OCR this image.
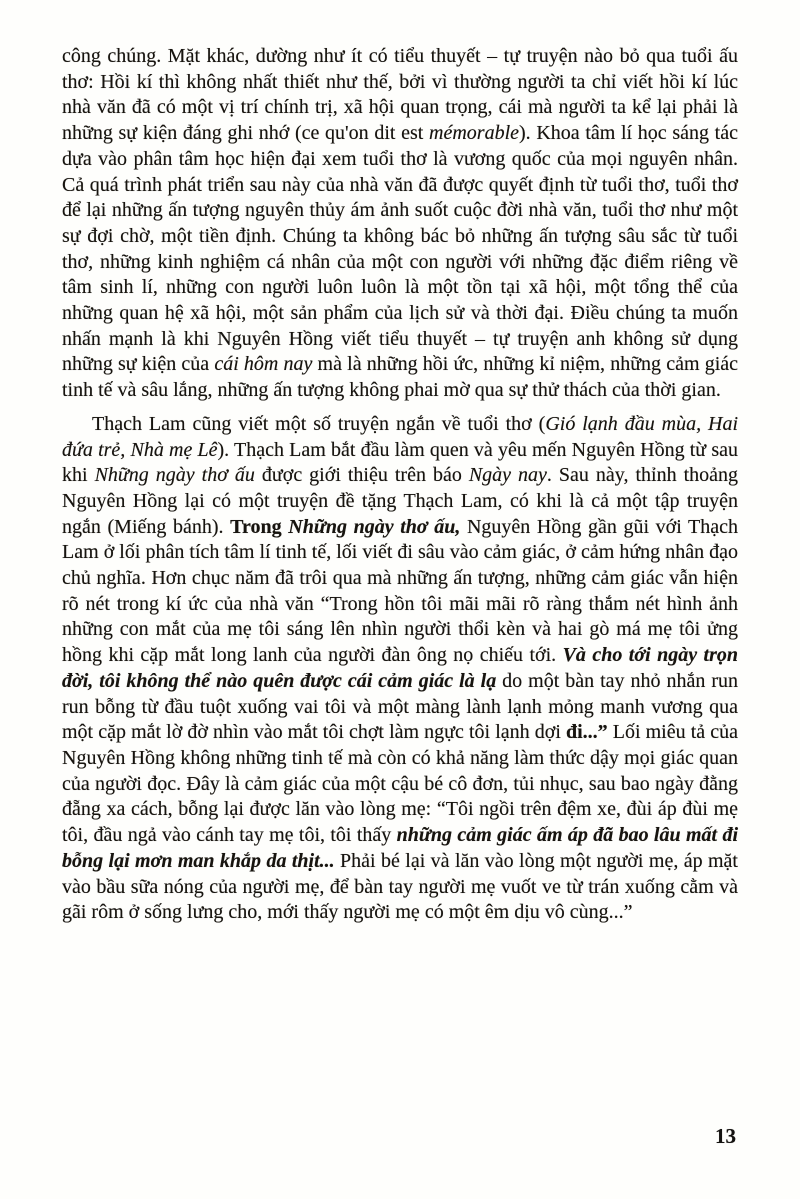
công chúng. Mặt khác, dường như ít có tiểu thuyết – tự truyện nào bỏ qua tuổi ấu thơ: Hồi kí thì không nhất thiết như thế, bởi vì thường người ta chỉ viết hồi kí lúc nhà văn đã có một vị trí chính trị, xã hội quan trọng, cái mà người ta kể lại phải là những sự kiện đáng ghi nhớ (ce qu'on dit est mémorable). Khoa tâm lí học sáng tác dựa vào phân tâm học hiện đại xem tuổi thơ là vương quốc của mọi nguyên nhân. Cả quá trình phát triển sau này của nhà văn đã được quyết định từ tuổi thơ, tuổi thơ để lại những ấn tượng nguyên thủy ám ảnh suốt cuộc đời nhà văn, tuổi thơ như một sự đợi chờ, một tiền định. Chúng ta không bác bỏ những ấn tượng sâu sắc từ tuổi thơ, những kinh nghiệm cá nhân của một con người với những đặc điểm riêng về tâm sinh lí, những con người luôn luôn là một tồn tại xã hội, một tổng thể của những quan hệ xã hội, một sản phẩm của lịch sử và thời đại. Điều chúng ta muốn nhấn mạnh là khi Nguyên Hồng viết tiểu thuyết – tự truyện anh không sử dụng những sự kiện của cái hôm nay mà là những hồi ức, những kỉ niệm, những cảm giác tinh tế và sâu lắng, những ấn tượng không phai mờ qua sự thử thách của thời gian.

Thạch Lam cũng viết một số truyện ngắn về tuổi thơ (Gió lạnh đầu mùa, Hai đứa trẻ, Nhà mẹ Lê). Thạch Lam bắt đầu làm quen và yêu mến Nguyên Hồng từ sau khi Những ngày thơ ấu được giới thiệu trên báo Ngày nay. Sau này, thỉnh thoảng Nguyên Hồng lại có một truyện đề tặng Thạch Lam, có khi là cả một tập truyện ngắn (Miếng bánh). Trong Những ngày thơ ấu, Nguyên Hồng gần gũi với Thạch Lam ở lối phân tích tâm lí tinh tế, lối viết đi sâu vào cảm giác, ở cảm hứng nhân đạo chủ nghĩa. Hơn chục năm đã trôi qua mà những ấn tượng, những cảm giác vẫn hiện rõ nét trong kí ức của nhà văn “Trong hồn tôi mãi mãi rõ ràng thắm nét hình ảnh những con mắt của mẹ tôi sáng lên nhìn người thổi kèn và hai gò má mẹ tôi ửng hồng khi cặp mắt long lanh của người đàn ông nọ chiếu tới. Và cho tới ngày trọn đời, tôi không thể nào quên được cái cảm giác là lạ do một bàn tay nhỏ nhắn run run bỗng từ đầu tuột xuống vai tôi và một màng lành lạnh mỏng manh vương qua một cặp mắt lờ đờ nhìn vào mắt tôi chợt làm ngực tôi lạnh dợi đi...” Lối miêu tả của Nguyên Hồng không những tinh tế mà còn có khả năng làm thức dậy mọi giác quan của người đọc. Đây là cảm giác của một cậu bé cô đơn, tủi nhục, sau bao ngày đằng đẵng xa cách, bỗng lại được lăn vào lòng mẹ: “Tôi ngồi trên đệm xe, đùi áp đùi mẹ tôi, đầu ngả vào cánh tay mẹ tôi, tôi thấy những cảm giác ấm áp đã bao lâu mất đi bỗng lại mơn man khắp da thịt... Phải bé lại và lăn vào lòng một người mẹ, áp mặt vào bầu sữa nóng của người mẹ, để bàn tay người mẹ vuốt ve từ trán xuống cằm và gãi rôm ở sống lưng cho, mới thấy người mẹ có một êm dịu vô cùng...”

13
